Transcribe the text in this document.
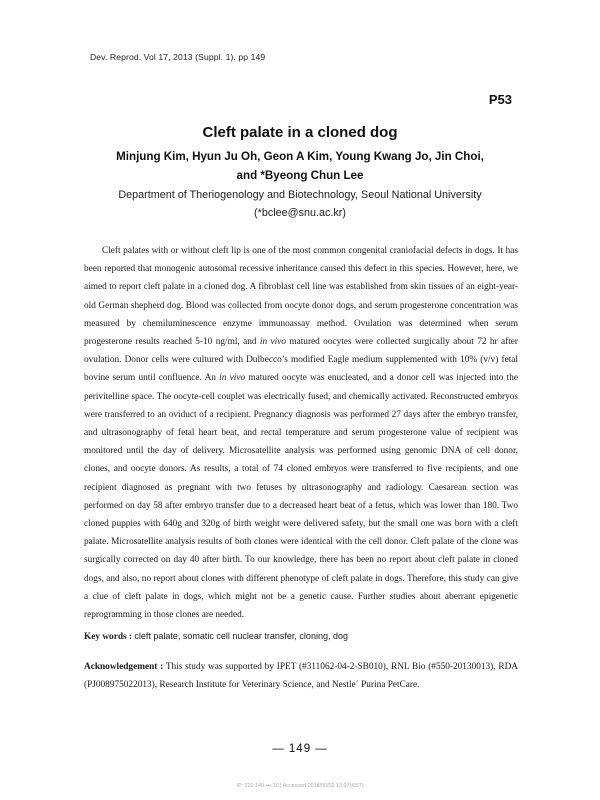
Dev. Reprod. Vol 17, 2013 (Suppl. 1). pp 149
P53
Cleft palate in a cloned dog
Minjung Kim, Hyun Ju Oh, Geon A Kim, Young Kwang Jo, Jin Choi,
and *Byeong Chun Lee
Department of Theriogenology and Biotechnology, Seoul National University
(*bclee@snu.ac.kr)
Cleft palates with or without cleft lip is one of the most common congenital craniofacial defects in dogs. It has been reported that monogenic autosomal recessive inheritance caused this defect in this species. However, here, we aimed to report cleft palate in a cloned dog. A fibroblast cell line was established from skin tissues of an eight-year-old German shepherd dog. Blood was collected from oocyte donor dogs, and serum progesterone concentration was measured by chemiluminescence enzyme immunoassay method. Ovulation was determined when serum progesterone results reached 5-10 ng/ml, and in vivo matured oocytes were collected surgically about 72 hr after ovulation. Donor cells were cultured with Dulbecco’s modified Eagle medium supplemented with 10% (v/v) fetal bovine serum until confluence. An in vivo matured oocyte was enucleated, and a donor cell was injected into the perivitelline space. The oocyte-cell couplet was electrically fused, and chemically activated. Reconstructed embryos were transferred to an oviduct of a recipient. Pregnancy diagnosis was performed 27 days after the embryo transfer, and ultrasonography of fetal heart beat, and rectal temperature and serum progesterone value of recipient was monitored until the day of delivery. Microsatellite analysis was performed using genomic DNA of cell donor, clones, and oocyte donors. As results, a total of 74 cloned embryos were transferred to five recipients, and one recipient diagnosed as pregnant with two fetuses by ultrasonography and radiology. Caesarean section was performed on day 58 after embryo transfer due to a decreased heart beat of a fetus, which was lower than 180. Two cloned puppies with 640g and 320g of birth weight were delivered safety, but the small one was born with a cleft palate. Microsatellite analysis results of both clones were identical with the cell donor. Cleft palate of the clone was surgically corrected on day 40 after birth. To our knowledge, there has been no report about cleft palate in cloned dogs, and also, no report about clones with different phenotype of cleft palate in dogs. Therefore, this study can give a clue of cleft palate in dogs, which might not be a genetic cause. Further studies about aberrant epigenetic reprogramming in those clones are needed.
Key words : cleft palate, somatic cell nuclear transfer, cloning, dog
Acknowledgement : This study was supported by IPET (#311062-04-2-SB010), RNL Bio (#550-20130013), RDA (PJ008975022013), Research Institute for Veterinary Science, and Nestle´ Purina PetCare.
— 149 —
IP: 220.149.•••.10 | Accessed 2018/08/02 13:07(KST)
